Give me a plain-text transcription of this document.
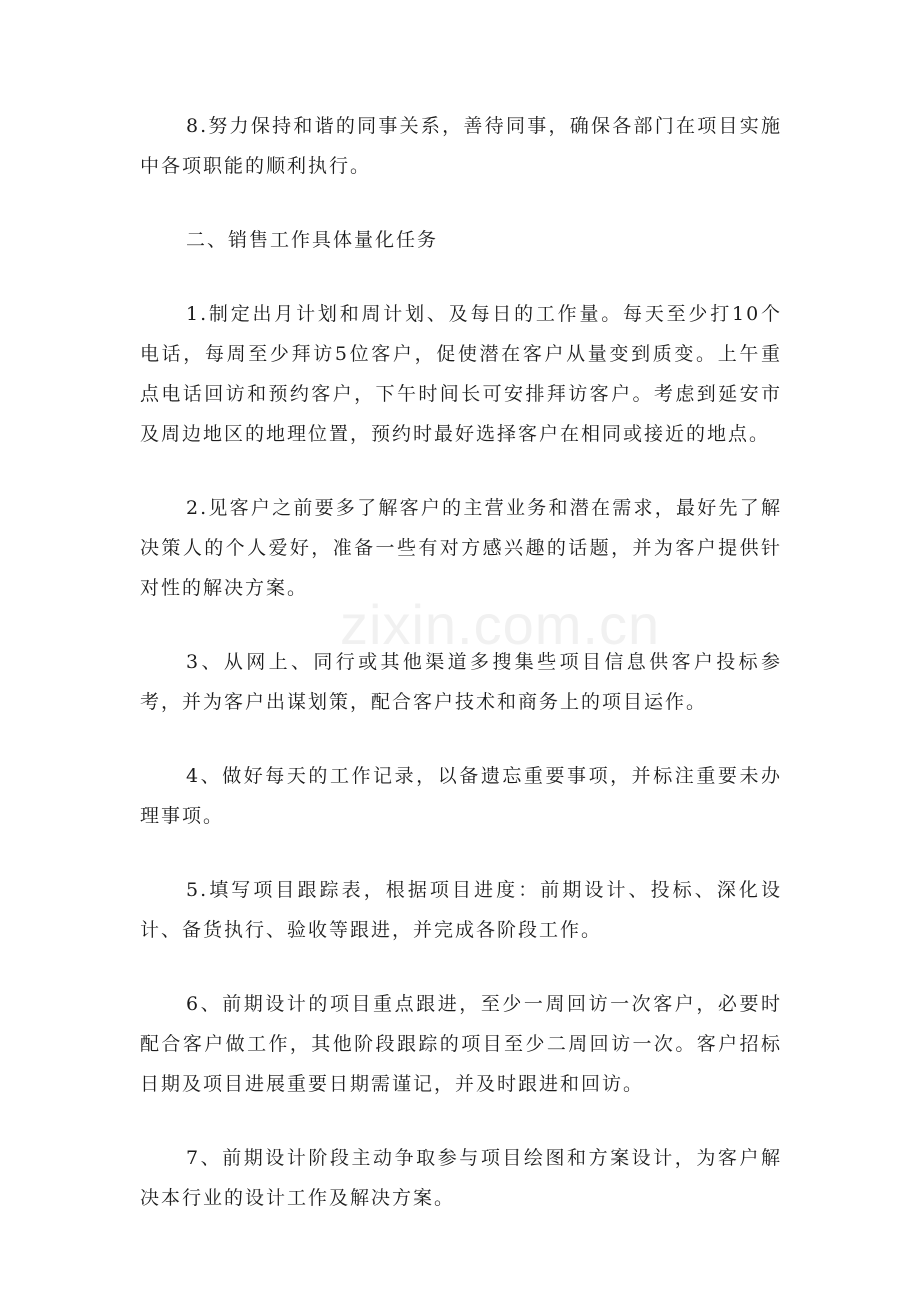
zixin.com.cn

8.努力保持和谐的同事关系，善待同事，确保各部门在项目实施中各项职能的顺利执行。

二、销售工作具体量化任务

1.制定出月计划和周计划、及每日的工作量。每天至少打10个电话，每周至少拜访5位客户，促使潜在客户从量变到质变。上午重点电话回访和预约客户，下午时间长可安排拜访客户。考虑到延安市及周边地区的地理位置，预约时最好选择客户在相同或接近的地点。

2.见客户之前要多了解客户的主营业务和潜在需求，最好先了解决策人的个人爱好，准备一些有对方感兴趣的话题，并为客户提供针对性的解决方案。

3、从网上、同行或其他渠道多搜集些项目信息供客户投标参考，并为客户出谋划策，配合客户技术和商务上的项目运作。

4、做好每天的工作记录，以备遗忘重要事项，并标注重要未办理事项。

5.填写项目跟踪表，根据项目进度：前期设计、投标、深化设计、备货执行、验收等跟进，并完成各阶段工作。

6、前期设计的项目重点跟进，至少一周回访一次客户，必要时配合客户做工作，其他阶段跟踪的项目至少二周回访一次。客户招标日期及项目进展重要日期需谨记，并及时跟进和回访。

7、前期设计阶段主动争取参与项目绘图和方案设计，为客户解决本行业的设计工作及解决方案。
